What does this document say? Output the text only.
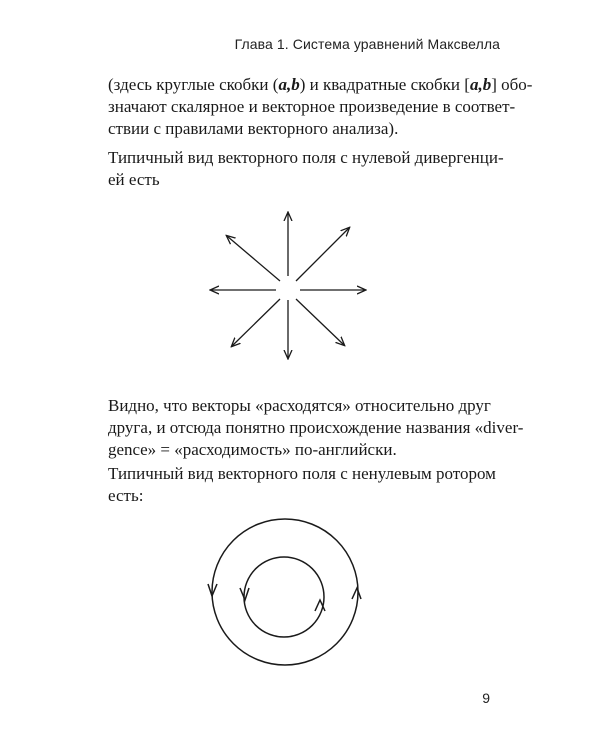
Глава 1. Система уравнений Максвелла
(здесь круглые скобки (a,b) и квадратные скобки [a,b] обо-
значают скалярное и векторное произведение в соответ-
ствии с правилами векторного анализа).
Типичный вид векторного поля с нулевой дивергенци-
ей есть
Видно, что векторы «расходятся» относительно друг
друга, и отсюда понятно происхождение названия «diver-
gence» = «расходимость» по-английски.
Типичный вид векторного поля с ненулевым ротором
есть:
9
